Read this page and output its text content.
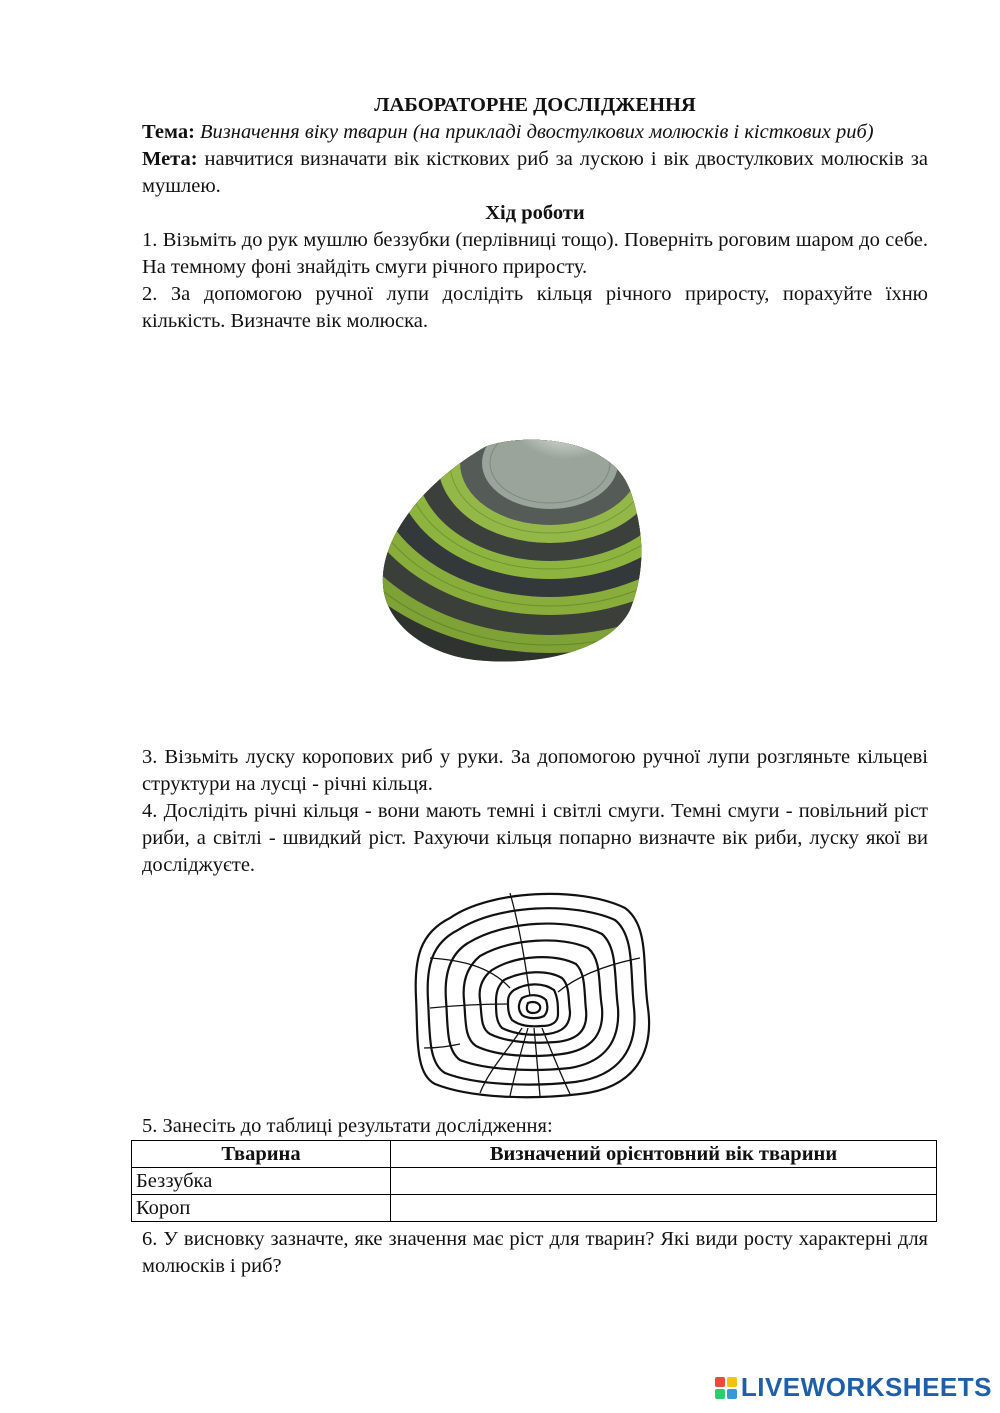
ЛАБОРАТОРНЕ ДОСЛІДЖЕННЯ

Тема: Визначення віку тварин (на прикладі двостулкових молюсків і кісткових риб)

Мета: навчитися визначати вік кісткових риб за лускою і вік двостулкових молюсків за мушлею.

Хід роботи

1. Візьміть до рук мушлю беззубки (перлівниці тощо). Поверніть роговим шаром до себе. На темному фоні знайдіть смуги річного приросту.

2. За допомогою ручної лупи дослідіть кільця річного приросту, порахуйте їхню кількість. Визначте вік молюска.

3. Візьміть луску коропових риб у руки. За допомогою ручної лупи розгляньте кільцеві структури на лусці - річні кільця.

4. Дослідіть річні кільця - вони мають темні і світлі смуги. Темні смуги - повільний ріст риби, а світлі - швидкий ріст. Рахуючи кільця попарно визначте вік риби, луску якої ви досліджуєте.

5. Занесіть до таблиці результати дослідження:

Тварина	Визначений орієнтовний вік тварини
Беззубка	
Короп	

6. У висновку зазначте, яке значення має ріст для тварин? Які види росту характерні для молюсків і риб?

LIVEWORKSHEETS
